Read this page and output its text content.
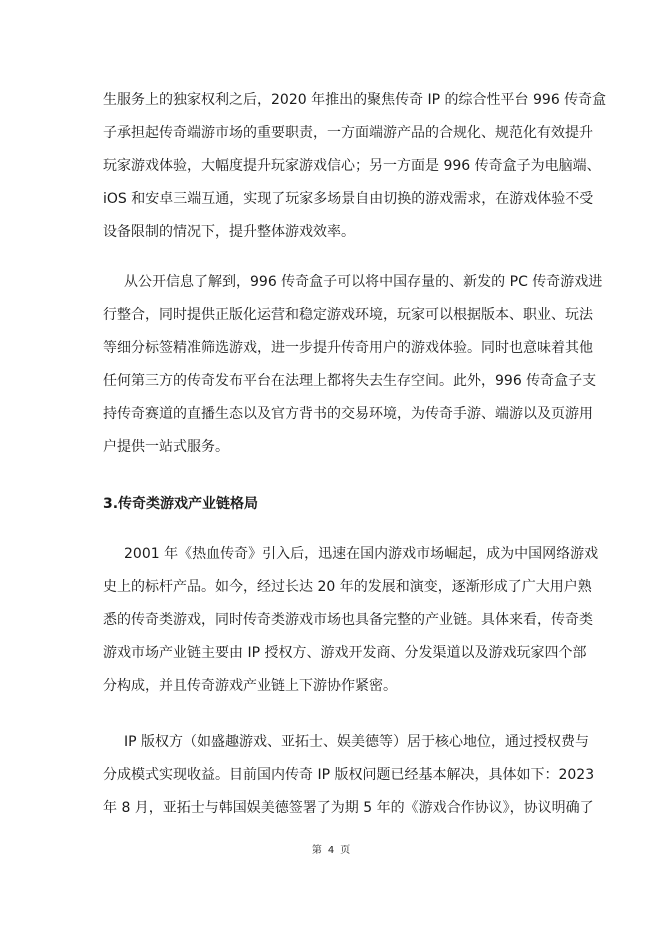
生服务上的独家权利之后，2020 年推出的聚焦传奇 IP 的综合性平台 996 传奇盒
子承担起传奇端游市场的重要职责，一方面端游产品的合规化、规范化有效提升
玩家游戏体验，大幅度提升玩家游戏信心；另一方面是 996 传奇盒子为电脑端、
iOS 和安卓三端互通，实现了玩家多场景自由切换的游戏需求，在游戏体验不受
设备限制的情况下，提升整体游戏效率。
从公开信息了解到，996 传奇盒子可以将中国存量的、新发的 PC 传奇游戏进
行整合，同时提供正版化运营和稳定游戏环境，玩家可以根据版本、职业、玩法
等细分标签精准筛选游戏，进一步提升传奇用户的游戏体验。同时也意味着其他
任何第三方的传奇发布平台在法理上都将失去生存空间。此外，996 传奇盒子支
持传奇赛道的直播生态以及官方背书的交易环境，为传奇手游、端游以及页游用
户提供一站式服务。
3.传奇类游戏产业链格局
2001 年《热血传奇》引入后，迅速在国内游戏市场崛起，成为中国网络游戏
史上的标杆产品。如今，经过长达 20 年的发展和演变，逐渐形成了广大用户熟
悉的传奇类游戏，同时传奇类游戏市场也具备完整的产业链。具体来看，传奇类
游戏市场产业链主要由 IP 授权方、游戏开发商、分发渠道以及游戏玩家四个部
分构成，并且传奇游戏产业链上下游协作紧密。
IP 版权方（如盛趣游戏、亚拓士、娱美德等）居于核心地位，通过授权费与
分成模式实现收益。目前国内传奇 IP 版权问题已经基本解决，具体如下：2023
年 8 月，亚拓士与韩国娱美德签署了为期 5 年的《游戏合作协议》，协议明确了
第 4 页
